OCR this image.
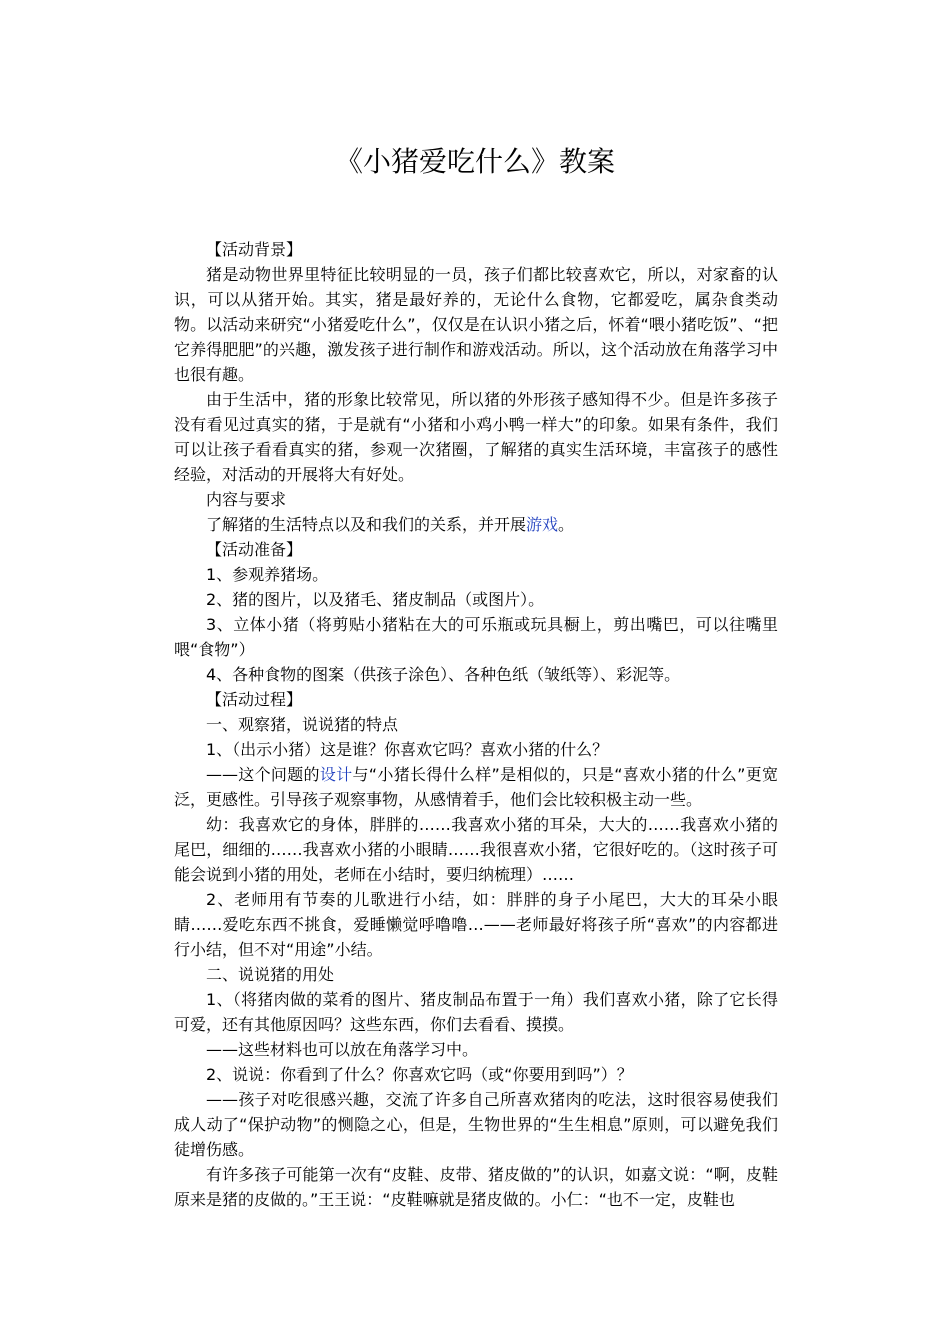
《小猪爱吃什么》教案

【活动背景】

猪是动物世界里特征比较明显的一员，孩子们都比较喜欢它，所以，对家畜的认识，可以从猪开始。其实，猪是最好养的，无论什么食物，它都爱吃，属杂食类动物。以活动来研究“小猪爱吃什么”，仅仅是在认识小猪之后，怀着“喂小猪吃饭”、“把它养得肥肥”的兴趣，激发孩子进行制作和游戏活动。所以，这个活动放在角落学习中也很有趣。

由于生活中，猪的形象比较常见，所以猪的外形孩子感知得不少。但是许多孩子没有看见过真实的猪，于是就有“小猪和小鸡小鸭一样大”的印象。如果有条件，我们可以让孩子看看真实的猪，参观一次猪圈，了解猪的真实生活环境，丰富孩子的感性经验，对活动的开展将大有好处。

内容与要求

了解猪的生活特点以及和我们的关系，并开展游戏。

【活动准备】

1、参观养猪场。

2、猪的图片，以及猪毛、猪皮制品（或图片）。

3、立体小猪（将剪贴小猪粘在大的可乐瓶或玩具橱上，剪出嘴巴，可以往嘴里喂“食物”）

4、各种食物的图案（供孩子涂色）、各种色纸（皱纸等）、彩泥等。

【活动过程】

一、观察猪，说说猪的特点

1、（出示小猪）这是谁？你喜欢它吗？喜欢小猪的什么？

——这个问题的设计与“小猪长得什么样”是相似的，只是“喜欢小猪的什么”更宽泛，更感性。引导孩子观察事物，从感情着手，他们会比较积极主动一些。

幼：我喜欢它的身体，胖胖的……我喜欢小猪的耳朵，大大的……我喜欢小猪的尾巴，细细的……我喜欢小猪的小眼睛……我很喜欢小猪，它很好吃的。（这时孩子可能会说到小猪的用处，老师在小结时，要归纳梳理）……

2、老师用有节奏的儿歌进行小结，如：胖胖的身子小尾巴，大大的耳朵小眼睛……爱吃东西不挑食，爱睡懒觉呼噜噜…——老师最好将孩子所“喜欢”的内容都进行小结，但不对“用途”小结。

二、说说猪的用处

1、（将猪肉做的菜肴的图片、猪皮制品布置于一角）我们喜欢小猪，除了它长得可爱，还有其他原因吗？这些东西，你们去看看、摸摸。

——这些材料也可以放在角落学习中。

2、说说：你看到了什么？你喜欢它吗（或“你要用到吗”）？

——孩子对吃很感兴趣，交流了许多自己所喜欢猪肉的吃法，这时很容易使我们成人动了“保护动物”的恻隐之心，但是，生物世界的“生生相息”原则，可以避免我们徒增伤感。

有许多孩子可能第一次有“皮鞋、皮带、猪皮做的”的认识，如嘉文说：“啊，皮鞋原来是猪的皮做的。”王王说：“皮鞋嘛就是猪皮做的。小仁：“也不一定，皮鞋也
